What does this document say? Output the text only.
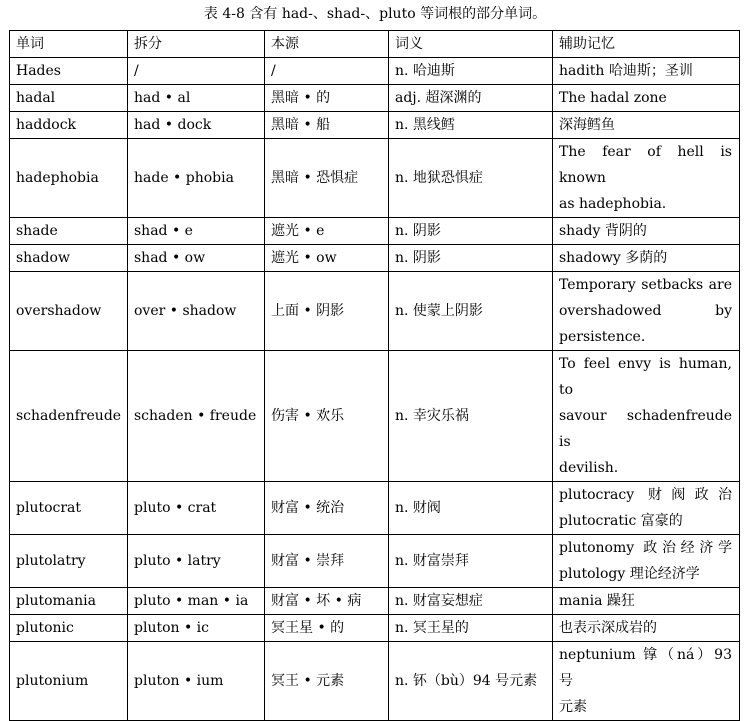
表 4-8 含有 had-、shad-、pluto 等词根的部分单词。
单词	拆分	本源	词义	辅助记忆
Hades	/	/	n. 哈迪斯	hadith 哈迪斯；圣训

hadal	had • al	黑暗 • 的	adj. 超深渊的	The hadal zone

haddock	had • dock	黑暗 • 船	n. 黑线鳕	深海鳕鱼

hadephobia	hade • phobia	黑暗 • 恐惧症	n. 地狱恐惧症	The fear of hell is known
as hadephobia.

shade	shad • e	遮光 • e	n. 阴影	shady 背阴的

shadow	shad • ow	遮光 • ow	n. 阴影	shadowy 多荫的

overshadow	over • shadow	上面 • 阴影	n. 使蒙上阴影	Temporary setbacks are
overshadowed by
persistence.

schadenfreude	schaden • freude	伤害 • 欢乐	n. 幸灾乐祸	To feel envy is human, to
savour schadenfreude is
devilish.

plutocrat	pluto • crat	财富 • 统治	n. 财阀	plutocracy 财阀政治
plutocratic 富豪的

plutolatry	pluto • latry	财富 • 崇拜	n. 财富崇拜	plutonomy 政治经济学
plutology 理论经济学

plutomania	pluto • man • ia	财富 • 坏 • 病	n. 财富妄想症	mania 躁狂

plutonic	pluton • ic	冥王星 • 的	n. 冥王星的	也表示深成岩的

plutonium	pluton • ium	冥王 • 元素	n. 钚（bù）94 号元素	neptunium 镎（ná）93 号
元素
